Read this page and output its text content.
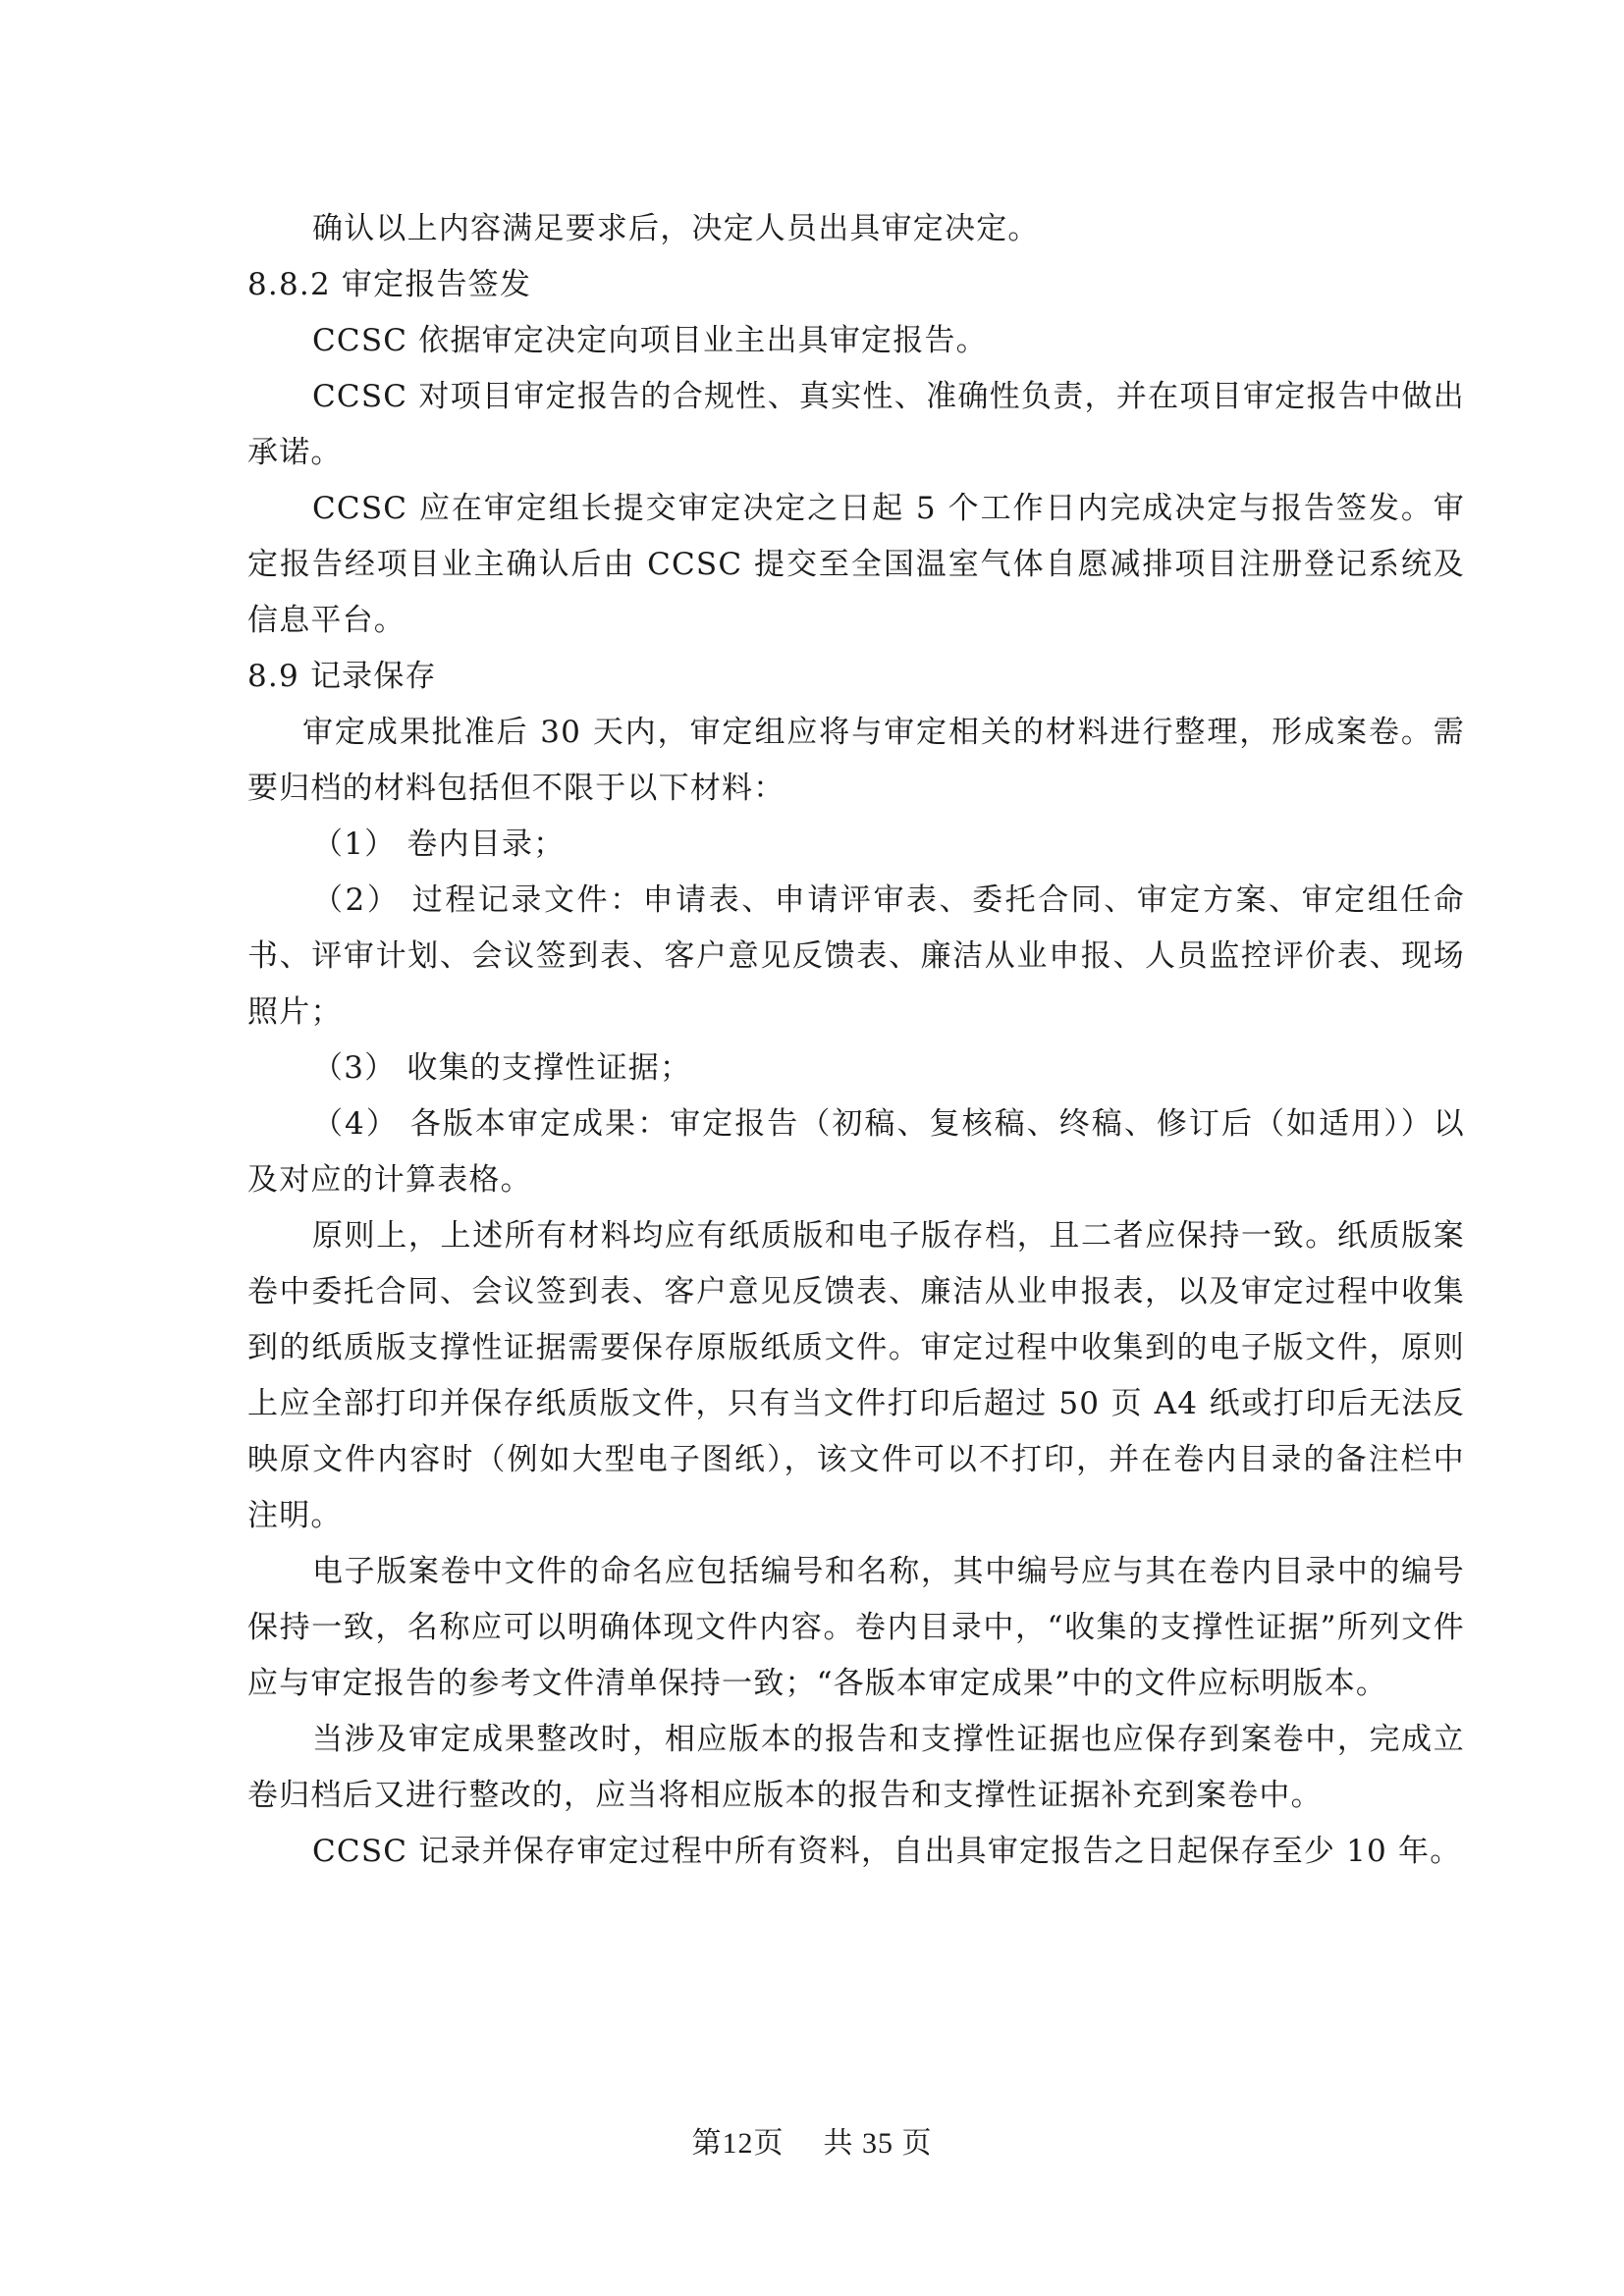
确认以上内容满足要求后，决定人员出具审定决定。

8.8.2 审定报告签发

CCSC 依据审定决定向项目业主出具审定报告。

CCSC 对项目审定报告的合规性、真实性、准确性负责，并在项目审定报告中做出承诺。

CCSC 应在审定组长提交审定决定之日起 5 个工作日内完成决定与报告签发。审定报告经项目业主确认后由 CCSC 提交至全国温室气体自愿减排项目注册登记系统及信息平台。

8.9 记录保存

审定成果批准后 30 天内，审定组应将与审定相关的材料进行整理，形成案卷。需要归档的材料包括但不限于以下材料：

（1） 卷内目录；

（2） 过程记录文件：申请表、申请评审表、委托合同、审定方案、审定组任命书、评审计划、会议签到表、客户意见反馈表、廉洁从业申报、人员监控评价表、现场照片；

（3） 收集的支撑性证据；

（4） 各版本审定成果：审定报告（初稿、复核稿、终稿、修订后（如适用））以及对应的计算表格。

原则上，上述所有材料均应有纸质版和电子版存档，且二者应保持一致。纸质版案卷中委托合同、会议签到表、客户意见反馈表、廉洁从业申报表，以及审定过程中收集到的纸质版支撑性证据需要保存原版纸质文件。审定过程中收集到的电子版文件，原则上应全部打印并保存纸质版文件，只有当文件打印后超过 50 页 A4 纸或打印后无法反映原文件内容时（例如大型电子图纸），该文件可以不打印，并在卷内目录的备注栏中注明。

电子版案卷中文件的命名应包括编号和名称，其中编号应与其在卷内目录中的编号保持一致，名称应可以明确体现文件内容。卷内目录中，“收集的支撑性证据”所列文件应与审定报告的参考文件清单保持一致；“各版本审定成果”中的文件应标明版本。

当涉及审定成果整改时，相应版本的报告和支撑性证据也应保存到案卷中，完成立卷归档后又进行整改的，应当将相应版本的报告和支撑性证据补充到案卷中。

CCSC 记录并保存审定过程中所有资料，自出具审定报告之日起保存至少 10 年。

第12页 共 35 页
